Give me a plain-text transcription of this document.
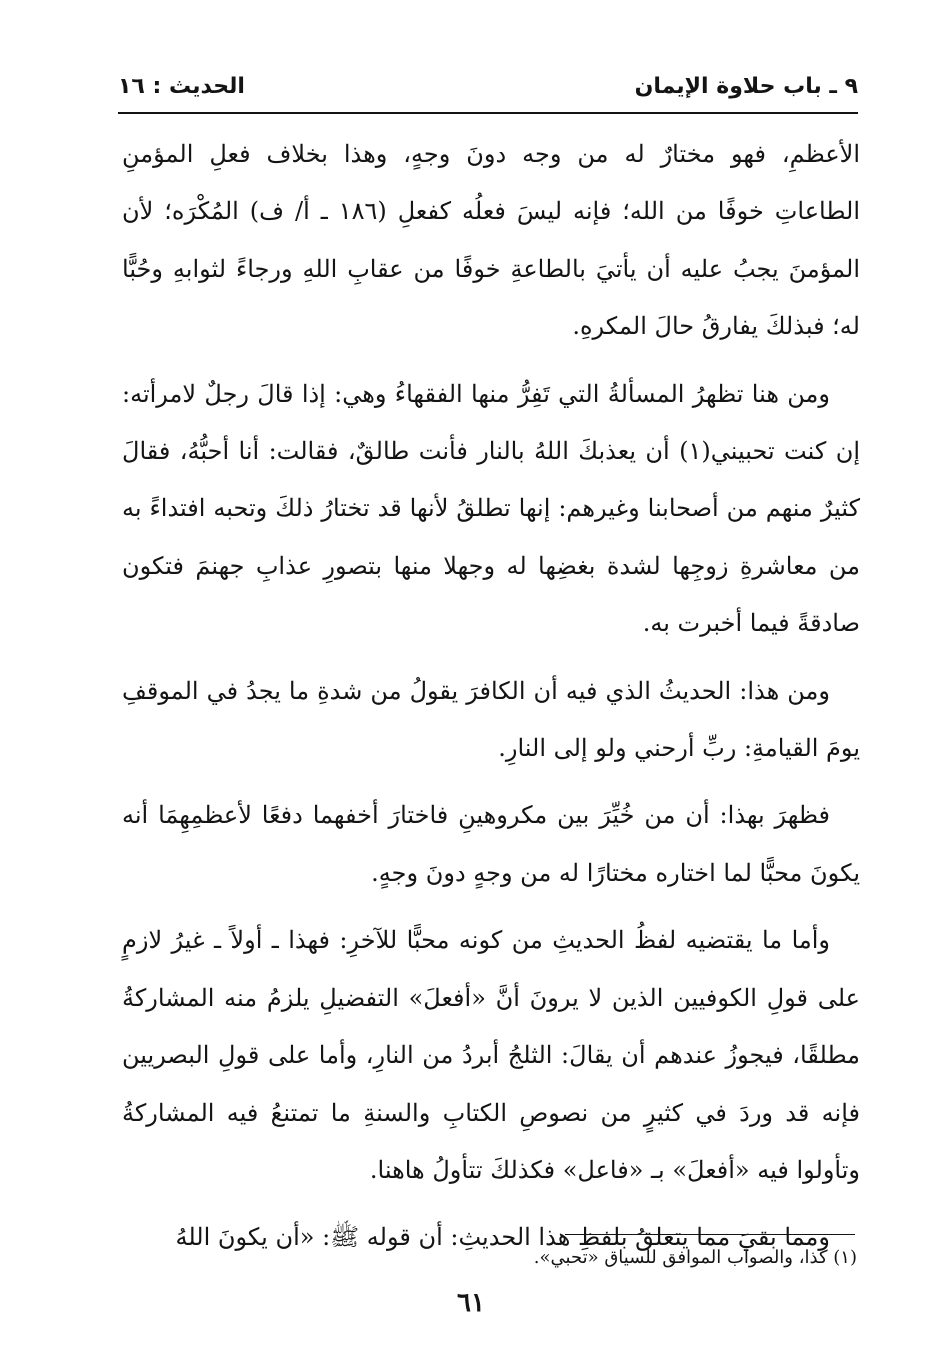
٩ ـ باب حلاوة الإيمان
الحديث : ١٦

الأعظمِ، فهو مختارٌ له من وجه دونَ وجهٍ، وهذا بخلاف فعلِ المؤمنِ الطاعاتِ خوفًا من الله؛ فإنه ليسَ فعلُه كفعلِ (١٨٦ ـ أ/ ف) المُكْرَه؛ لأن المؤمنَ يجبُ عليه أن يأتيَ بالطاعةِ خوفًا من عقابِ اللهِ ورجاءً لثوابهِ وحُبًّا له؛ فبذلكَ يفارقُ حالَ المكرهِ.

ومن هنا تظهرُ المسألةُ التي تَفِرُّ منها الفقهاءُ وهي: إذا قالَ رجلٌ لامرأته: إن كنت تحبيني(١) أن يعذبكَ اللهُ بالنار فأنت طالقٌ، فقالت: أنا أحبُّهُ، فقالَ كثيرٌ منهم من أصحابنا وغيرهم: إنها تطلقُ لأنها قد تختارُ ذلكَ وتحبه افتداءً به من معاشرةِ زوجِها لشدة بغضِها له وجهلا منها بتصورِ عذابِ جهنمَ فتكون صادقةً فيما أخبرت به.

ومن هذا: الحديثُ الذي فيه أن الكافرَ يقولُ من شدةِ ما يجدُ في الموقفِ يومَ القيامةِ: ربِّ أرحني ولو إلى النارِ.

فظهرَ بهذا: أن من خُيِّرَ بين مكروهينِ فاختارَ أخفهما دفعًا لأعظمِهِمَا أنه يكونَ محبًّا لما اختاره مختارًا له من وجهٍ دونَ وجهٍ.

وأما ما يقتضيه لفظُ الحديثِ من كونه محبًّا للآخرِ: فهذا ـ أولاً ـ غيرُ لازمٍ على قولِ الكوفيين الذين لا يرونَ أنَّ «أفعلَ» التفضيلِ يلزمُ منه المشاركةُ مطلقًا، فيجوزُ عندهم أن يقالَ: الثلجُ أبردُ من النارِ، وأما على قولِ البصريين فإنه قد وردَ في كثيرٍ من نصوصِ الكتابِ والسنةِ ما تمتنعُ فيه المشاركةُ وتأولوا فيه «أفعلَ» بـ «فاعل» فكذلكَ تتأولُ هاهنا.

ومما بقيَ مما يتعلقُ بلفظِ هذا الحديثِ: أن قوله ﷺ: «أن يكونَ اللهُ

(١) كذا، والصواب الموافق للسياق «تحبي».
٦١
